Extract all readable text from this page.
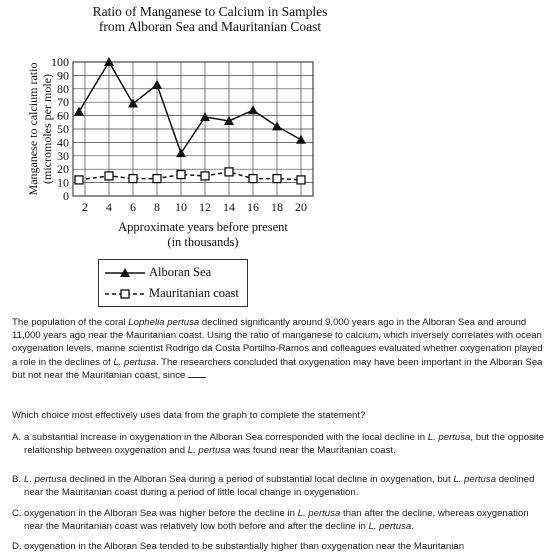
Ratio of Manganese to Calcium in Samples
from Alboran Sea and Mauritanian Coast
0
10
20
30
40
50
60
70
80
90
100
2 4 6 8 10 12 14 16 18 20
Manganese to calcium ratio (micromoles per mole)
Approximate years before present
(in thousands)
Alboran Sea
Mauritanian coast
The population of the coral Lophelia pertusa declined significantly around 9,000 years ago in the Alboran Sea and around 11,000 years ago near the Mauritanian coast. Using the ratio of manganese to calcium, which inversely correlates with ocean oxygenation levels, marine scientist Rodrigo da Costa Portilho-Ramos and colleagues evaluated whether oxygenation played a role in the declines of L. pertusa. The researchers concluded that oxygenation may have been important in the Alboran Sea but not near the Mauritanian coast, since
Which choice most effectively uses data from the graph to complete the statement?
A. a substantial increase in oxygenation in the Alboran Sea corresponded with the local decline in L. pertusa, but the opposite relationship between oxygenation and L. pertusa was found near the Mauritanian coast.
B. L. pertusa declined in the Alboran Sea during a period of substantial local decline in oxygenation, but L. pertusa declined near the Mauritanian coast during a period of little local change in oxygenation.
C. oxygenation in the Alboran Sea was higher before the decline in L. pertusa than after the decline, whereas oxygenation near the Mauritanian coast was relatively low both before and after the decline in L. pertusa.
D. oxygenation in the Alboran Sea tended to be substantially higher than oxygenation near the Mauritanian
